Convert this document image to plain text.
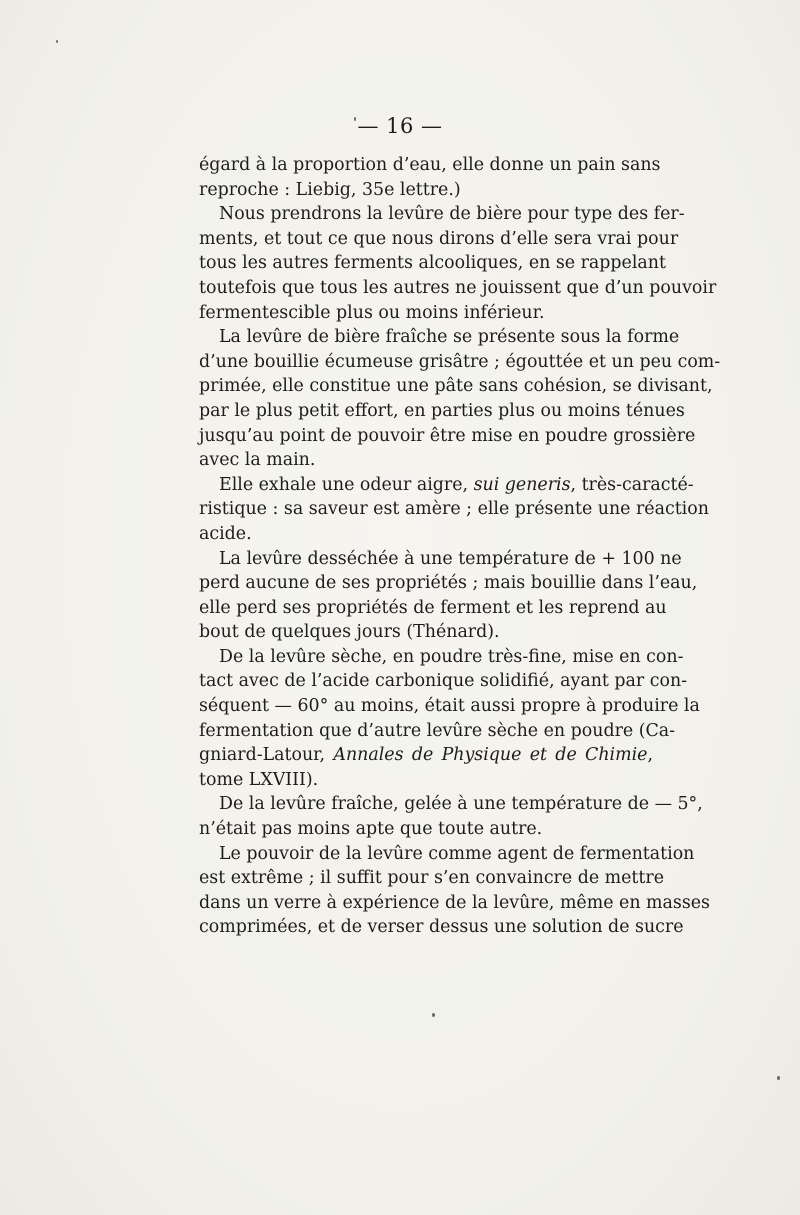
— 16 —
égard à la proportion d’eau, elle donne un pain sans
reproche : Liebig, 35e lettre.)
Nous prendrons la levûre de bière pour type des fer-
ments, et tout ce que nous dirons d’elle sera vrai pour
tous les autres ferments alcooliques, en se rappelant
toutefois que tous les autres ne jouissent que d’un pouvoir
fermentescible plus ou moins inférieur.
La levûre de bière fraîche se présente sous la forme
d’une bouillie écumeuse grisâtre ; égouttée et un peu com-
primée, elle constitue une pâte sans cohésion, se divisant,
par le plus petit effort, en parties plus ou moins ténues
jusqu’au point de pouvoir être mise en poudre grossière
avec la main.
Elle exhale une odeur aigre, sui generis, très-caracté-
ristique : sa saveur est amère ; elle présente une réaction
acide.
La levûre desséchée à une température de + 100 ne
perd aucune de ses propriétés ; mais bouillie dans l’eau,
elle perd ses propriétés de ferment et les reprend au
bout de quelques jours (Thénard).
De la levûre sèche, en poudre très-fine, mise en con-
tact avec de l’acide carbonique solidifié, ayant par con-
séquent — 60° au moins, était aussi propre à produire la
fermentation que d’autre levûre sèche en poudre (Ca-
gniard-Latour, Annales de Physique et de Chimie,
tome LXVIII).
De la levûre fraîche, gelée à une température de — 5°,
n’était pas moins apte que toute autre.
Le pouvoir de la levûre comme agent de fermentation
est extrême ; il suffit pour s’en convaincre de mettre
dans un verre à expérience de la levûre, même en masses
comprimées, et de verser dessus une solution de sucre
